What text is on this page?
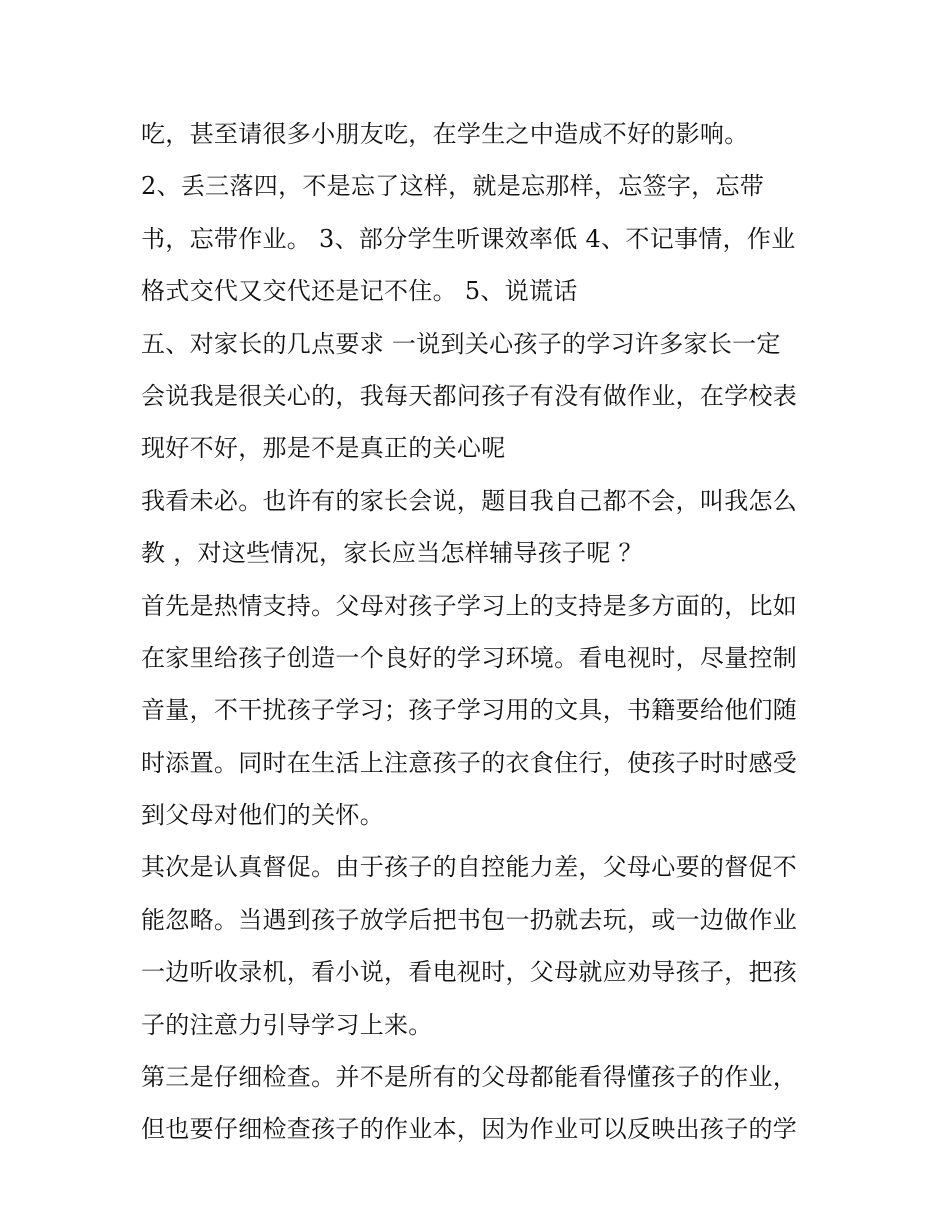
吃，甚至请很多小朋友吃，在学生之中造成不好的影响。
2、丢三落四，不是忘了这样，就是忘那样，忘签字，忘带
书，忘带作业。 3、部分学生听课效率低 4、不记事情，作业
格式交代又交代还是记不住。 5、说谎话
五、对家长的几点要求 一说到关心孩子的学习许多家长一定
会说我是很关心的，我每天都问孩子有没有做作业，在学校表
现好不好，那是不是真正的关心呢
我看未必。也许有的家长会说，题目我自己都不会，叫我怎么
教 ，对这些情况，家长应当怎样辅导孩子呢 ？
首先是热情支持。父母对孩子学习上的支持是多方面的，比如
在家里给孩子创造一个良好的学习环境。看电视时，尽量控制
音量，不干扰孩子学习；孩子学习用的文具，书籍要给他们随
时添置。同时在生活上注意孩子的衣食住行，使孩子时时感受
到父母对他们的关怀。
其次是认真督促。由于孩子的自控能力差，父母心要的督促不
能忽略。当遇到孩子放学后把书包一扔就去玩，或一边做作业
一边听收录机，看小说，看电视时，父母就应劝导孩子，把孩
子的注意力引导学习上来。
第三是仔细检查。并不是所有的父母都能看得懂孩子的作业，
但也要仔细检查孩子的作业本，因为作业可以反映出孩子的学
